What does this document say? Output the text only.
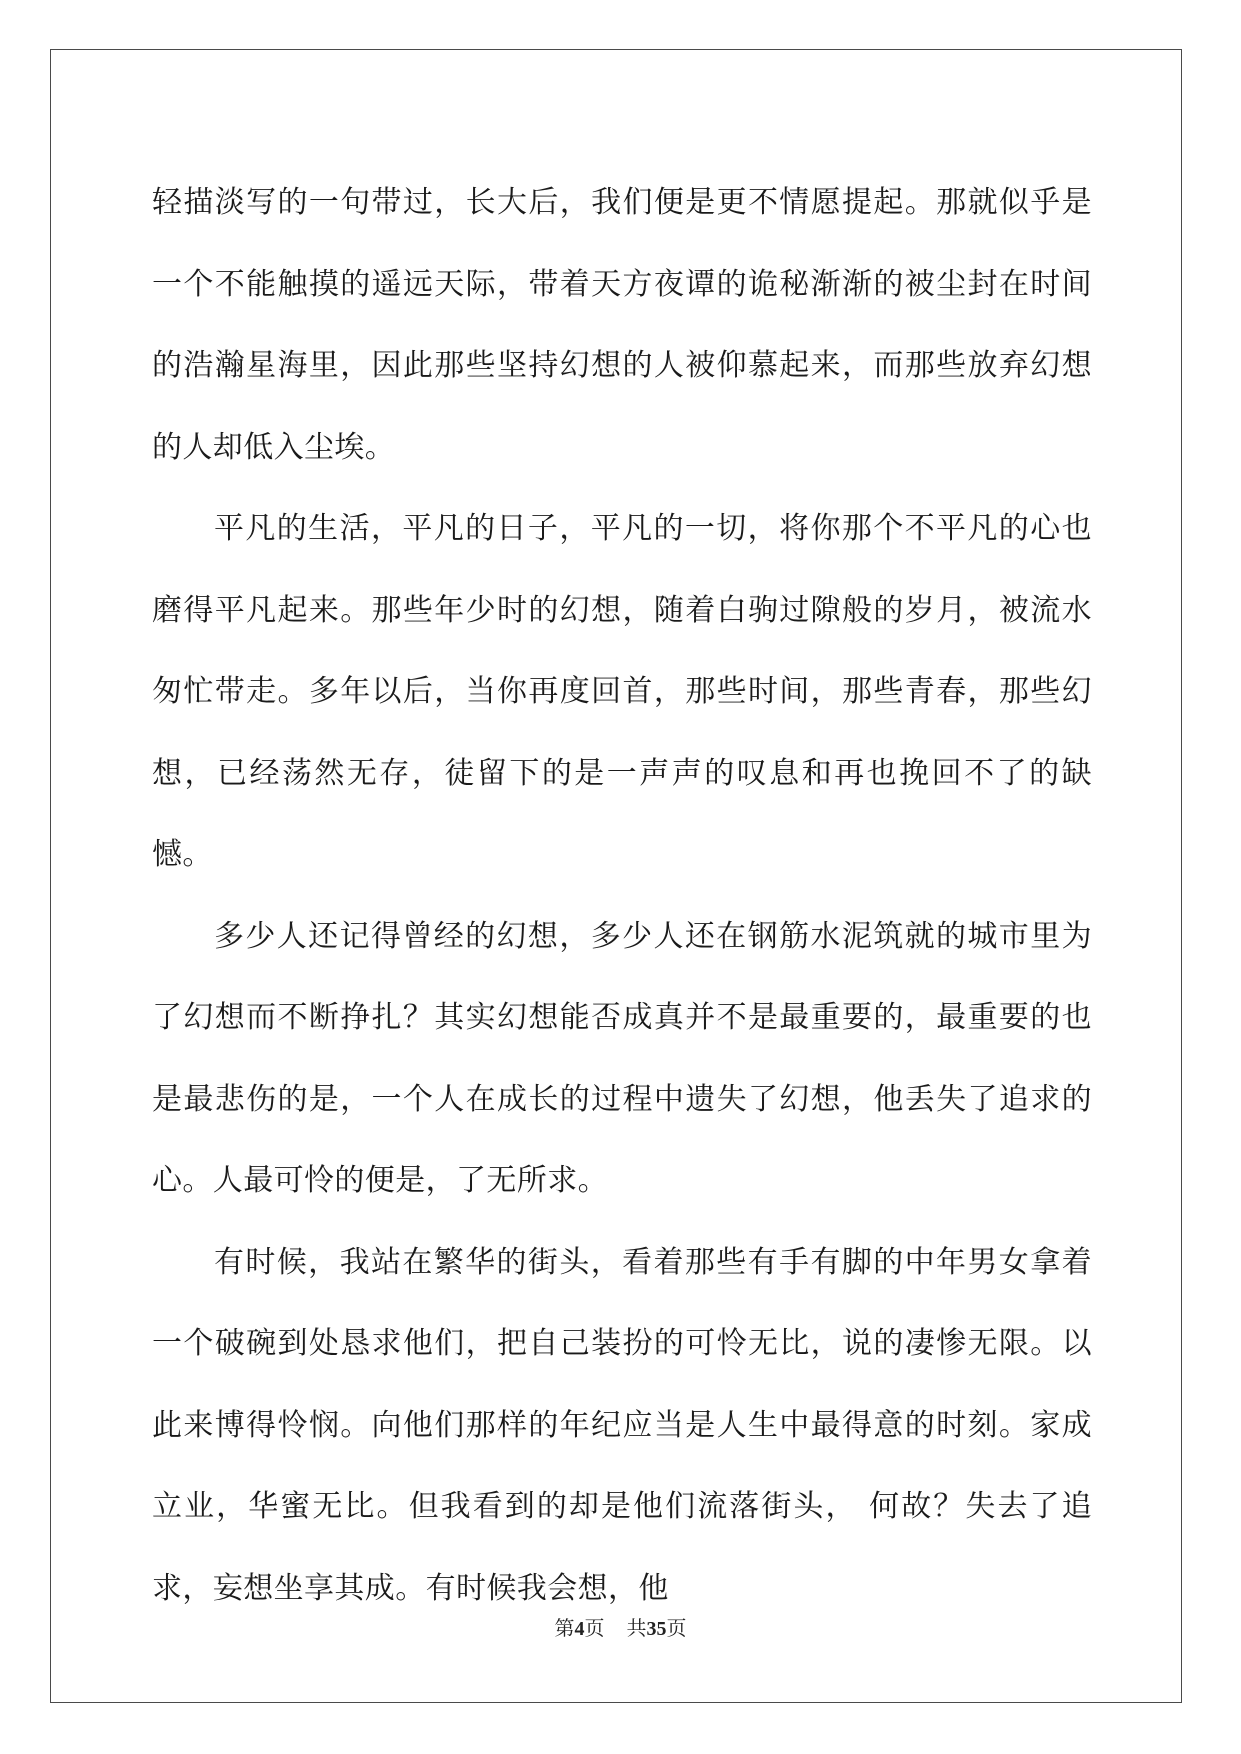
轻描淡写的一句带过，长大后，我们便是更不情愿提起。那就似乎是一个不能触摸的遥远天际，带着天方夜谭的诡秘渐渐的被尘封在时间的浩瀚星海里，因此那些坚持幻想的人被仰慕起来，而那些放弃幻想的人却低入尘埃。

平凡的生活，平凡的日子，平凡的一切，将你那个不平凡的心也磨得平凡起来。那些年少时的幻想，随着白驹过隙般的岁月，被流水匆忙带走。多年以后，当你再度回首，那些时间，那些青春，那些幻想，已经荡然无存，徒留下的是一声声的叹息和再也挽回不了的缺憾。

多少人还记得曾经的幻想，多少人还在钢筋水泥筑就的城市里为了幻想而不断挣扎？其实幻想能否成真并不是最重要的，最重要的也是最悲伤的是，一个人在成长的过程中遗失了幻想，他丢失了追求的心。人最可怜的便是，了无所求。

有时候，我站在繁华的街头，看着那些有手有脚的中年男女拿着一个破碗到处恳求他们，把自己装扮的可怜无比，说的凄惨无限。以此来博得怜悯。向他们那样的年纪应当是人生中最得意的时刻。家成立业，华蜜无比。但我看到的却是他们流落街头， 何故？失去了追求，妄想坐享其成。有时候我会想，他

第4页 共35页
